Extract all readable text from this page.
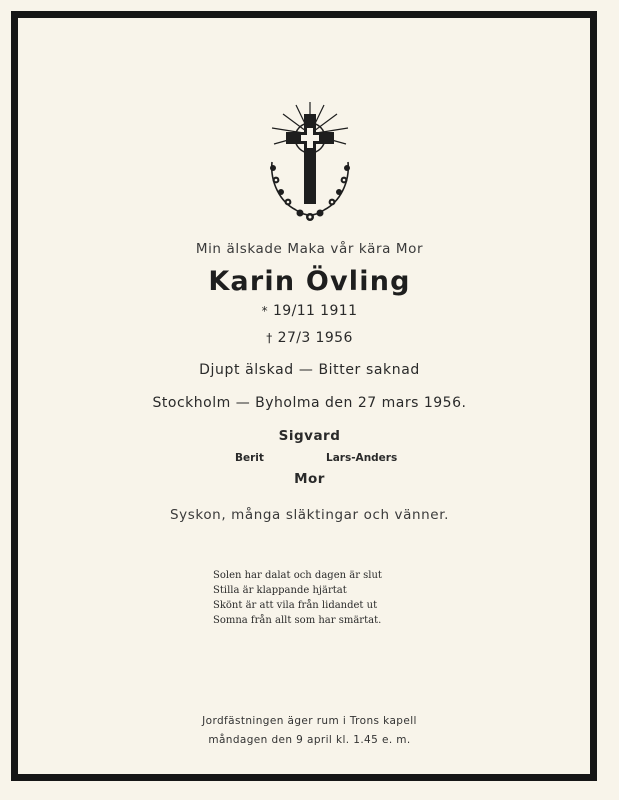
Min älskade Maka vår kära Mor
Karin Övling
* 19/11 1911
† 27/3 1956
Djupt älskad — Bitter saknad
Stockholm — Byholma den 27 mars 1956.
Sigvard
Berit	Lars-Anders
Mor
Syskon, många släktingar och vänner.
Solen har dalat och dagen är slut
Stilla är klappande hjärtat
Skönt är att vila från lidandet ut
Somna från allt som har smärtat.
Jordfästningen äger rum i Trons kapell
måndagen den 9 april kl. 1.45 e. m.
